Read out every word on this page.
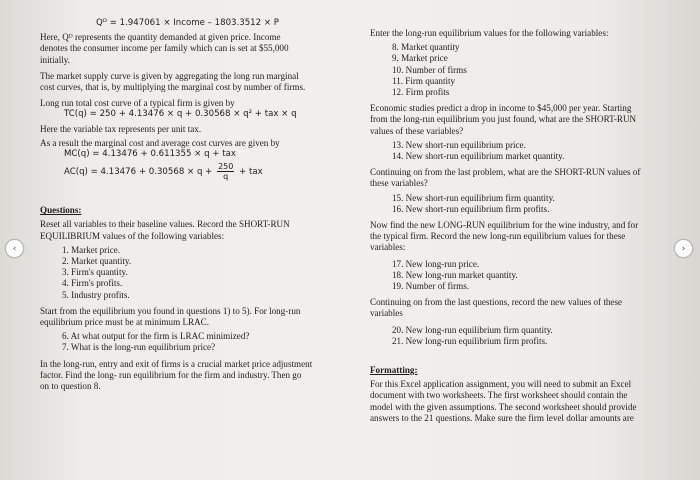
Qᴰ = 1.947061 × Income – 1803.3512 × P
Here, Qᴰ represents the quantity demanded at given price. Income
denotes the consumer income per family which can is set at $55,000
initially.
The market supply curve is given by aggregating the long run marginal
cost curves, that is, by multiplying the marginal cost by number of firms.
Long run total cost curve of a typical firm is given by
TC(q) = 250 + 4.13476 × q + 0.30568 × q² + tax × q
Here the variable tax represents per unit tax.
As a result the marginal cost and average cost curves are given by
MC(q) = 4.13476 + 0.611355 × q + tax
$AC(q) = 4.13476 + 0.30568 \times q + \frac{250}{q}$ + tax
Questions:
Reset all variables to their baseline values. Record the SHORT-RUN
EQUILIBRIUM values of the following variables:
1. Market price.
2. Market quantity.
3. Firm's quantity.
4. Firm's profits.
5. Industry profits.
Start from the equilibrium you found in questions 1) to 5). For long-run
equilibrium price must be at minimum LRAC.
6. At what output for the firm is LRAC minimized?
7. What is the long-run equilibrium price?
In the long-run, entry and exit of firms is a crucial market price adjustment
factor. Find the long- run equilibrium for the firm and industry. Then go
on to question 8.
Enter the long-run equilibrium values for the following variables:
8. Market quantity
9. Market price
10. Number of firms
11. Firm quantity
12. Firm profits
Economic studies predict a drop in income to $45,000 per year. Starting
from the long-run equilibrium you just found, what are the SHORT-RUN
values of these variables?
13. New short-run equilibrium price.
14. New short-run equilibrium market quantity.
Continuing on from the last problem, what are the SHORT-RUN values of
these variables?
15. New short-run equilibrium firm quantity.
16. New short-run equilibrium firm profits.
Now find the new LONG-RUN equilibrium for the wine industry, and for
the typical firm. Record the new long-run equilibrium values for these
variables:
17. New long-run price.
18. New long-run market quantity.
19. Number of firms.
Continuing on from the last questions, record the new values of these
variables
20. New long-run equilibrium firm quantity.
21. New long-run equilibrium firm profits.
Formatting:
For this Excel application assignment, you will need to submit an Excel
document with two worksheets. The first worksheet should contain the
model with the given assumptions. The second worksheet should provide
answers to the 21 questions. Make sure the firm level dollar amounts are
‹	›
